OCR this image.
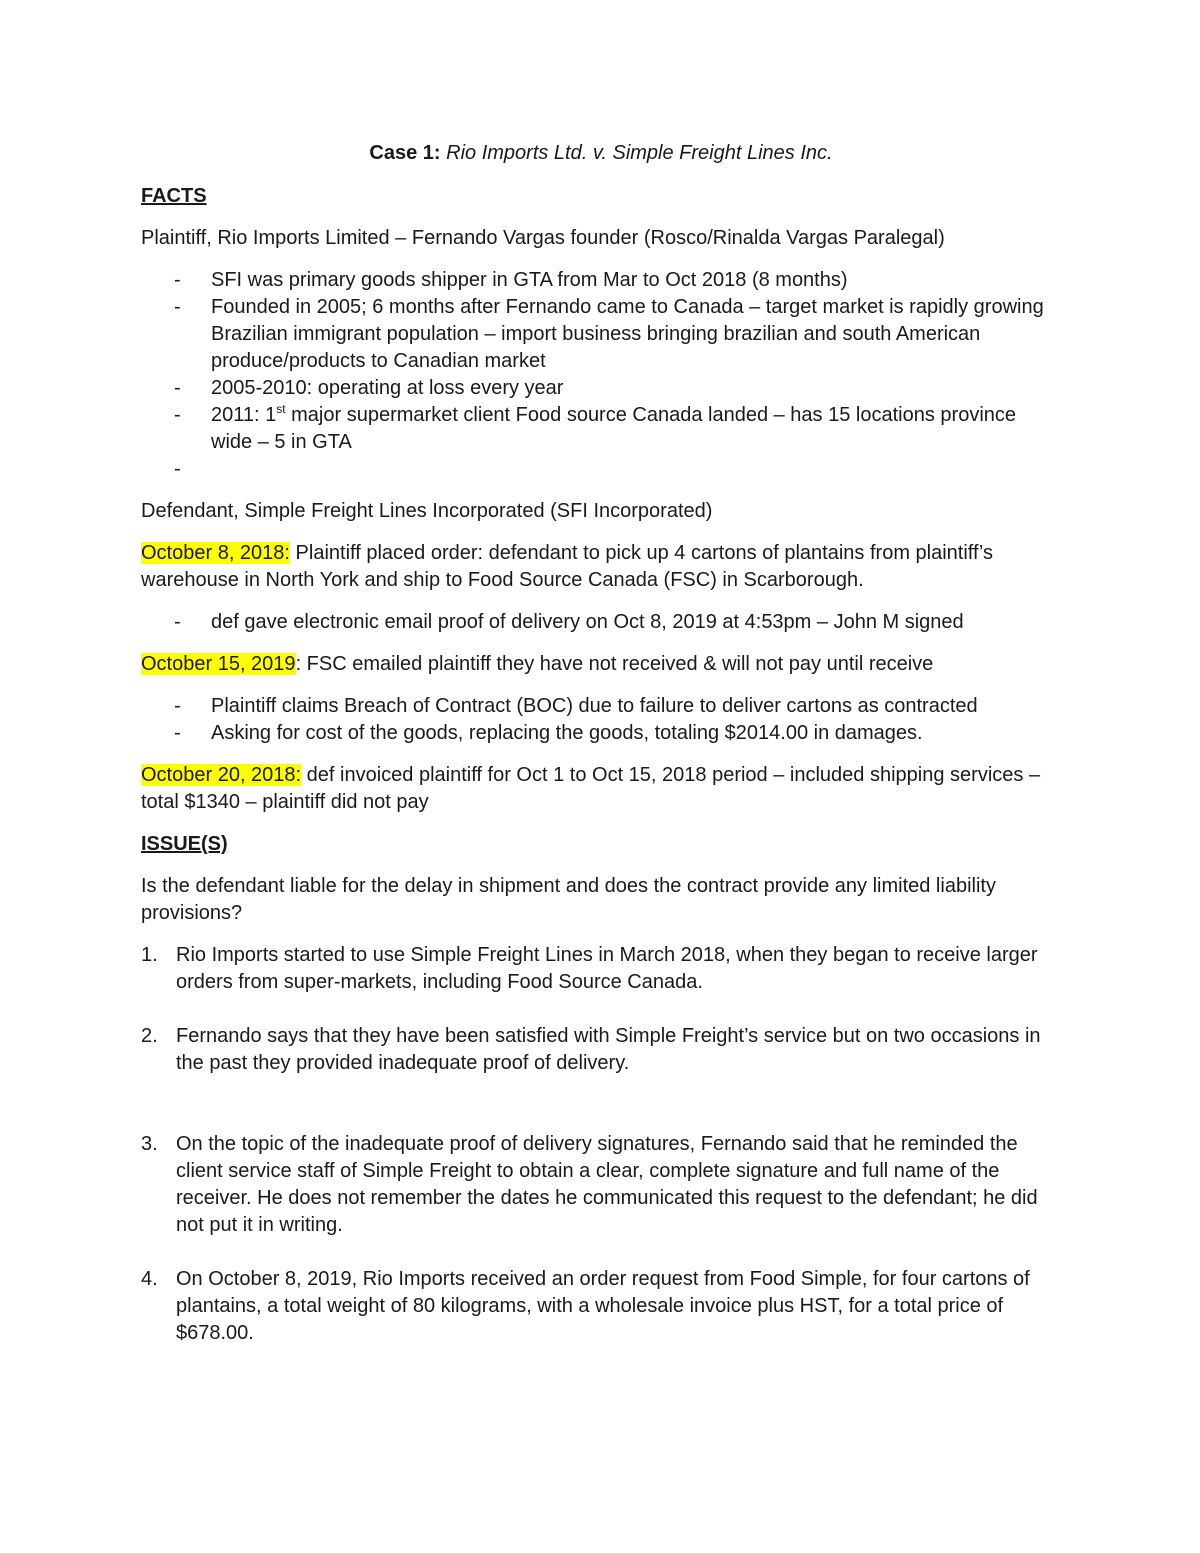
Case 1: Rio Imports Ltd. v. Simple Freight Lines Inc.
FACTS

Plaintiff, Rio Imports Limited – Fernando Vargas founder (Rosco/Rinalda Vargas Paralegal)

- SFI was primary goods shipper in GTA from Mar to Oct 2018 (8 months)
- Founded in 2005; 6 months after Fernando came to Canada – target market is rapidly growing Brazilian immigrant population – import business bringing brazilian and south American produce/products to Canadian market
- 2005-2010: operating at loss every year
- 2011: 1st major supermarket client Food source Canada landed – has 15 locations province wide – 5 in GTA
-

Defendant, Simple Freight Lines Incorporated (SFI Incorporated)

October 8, 2018: Plaintiff placed order: defendant to pick up 4 cartons of plantains from plaintiff’s warehouse in North York and ship to Food Source Canada (FSC) in Scarborough.

- def gave electronic email proof of delivery on Oct 8, 2019 at 4:53pm – John M signed

October 15, 2019: FSC emailed plaintiff they have not received & will not pay until receive

- Plaintiff claims Breach of Contract (BOC) due to failure to deliver cartons as contracted
- Asking for cost of the goods, replacing the goods, totaling $2014.00 in damages.

October 20, 2018: def invoiced plaintiff for Oct 1 to Oct 15, 2018 period – included shipping services – total $1340 – plaintiff did not pay

ISSUE(S)

Is the defendant liable for the delay in shipment and does the contract provide any limited liability provisions?

1. Rio Imports started to use Simple Freight Lines in March 2018, when they began to receive larger orders from super-markets, including Food Source Canada.
2. Fernando says that they have been satisfied with Simple Freight’s service but on two occasions in the past they provided inadequate proof of delivery.
3. On the topic of the inadequate proof of delivery signatures, Fernando said that he reminded the client service staff of Simple Freight to obtain a clear, complete signature and full name of the receiver. He does not remember the dates he communicated this request to the defendant; he did not put it in writing.
4. On October 8, 2019, Rio Imports received an order request from Food Simple, for four cartons of plantains, a total weight of 80 kilograms, with a wholesale invoice plus HST, for a total price of $678.00.
